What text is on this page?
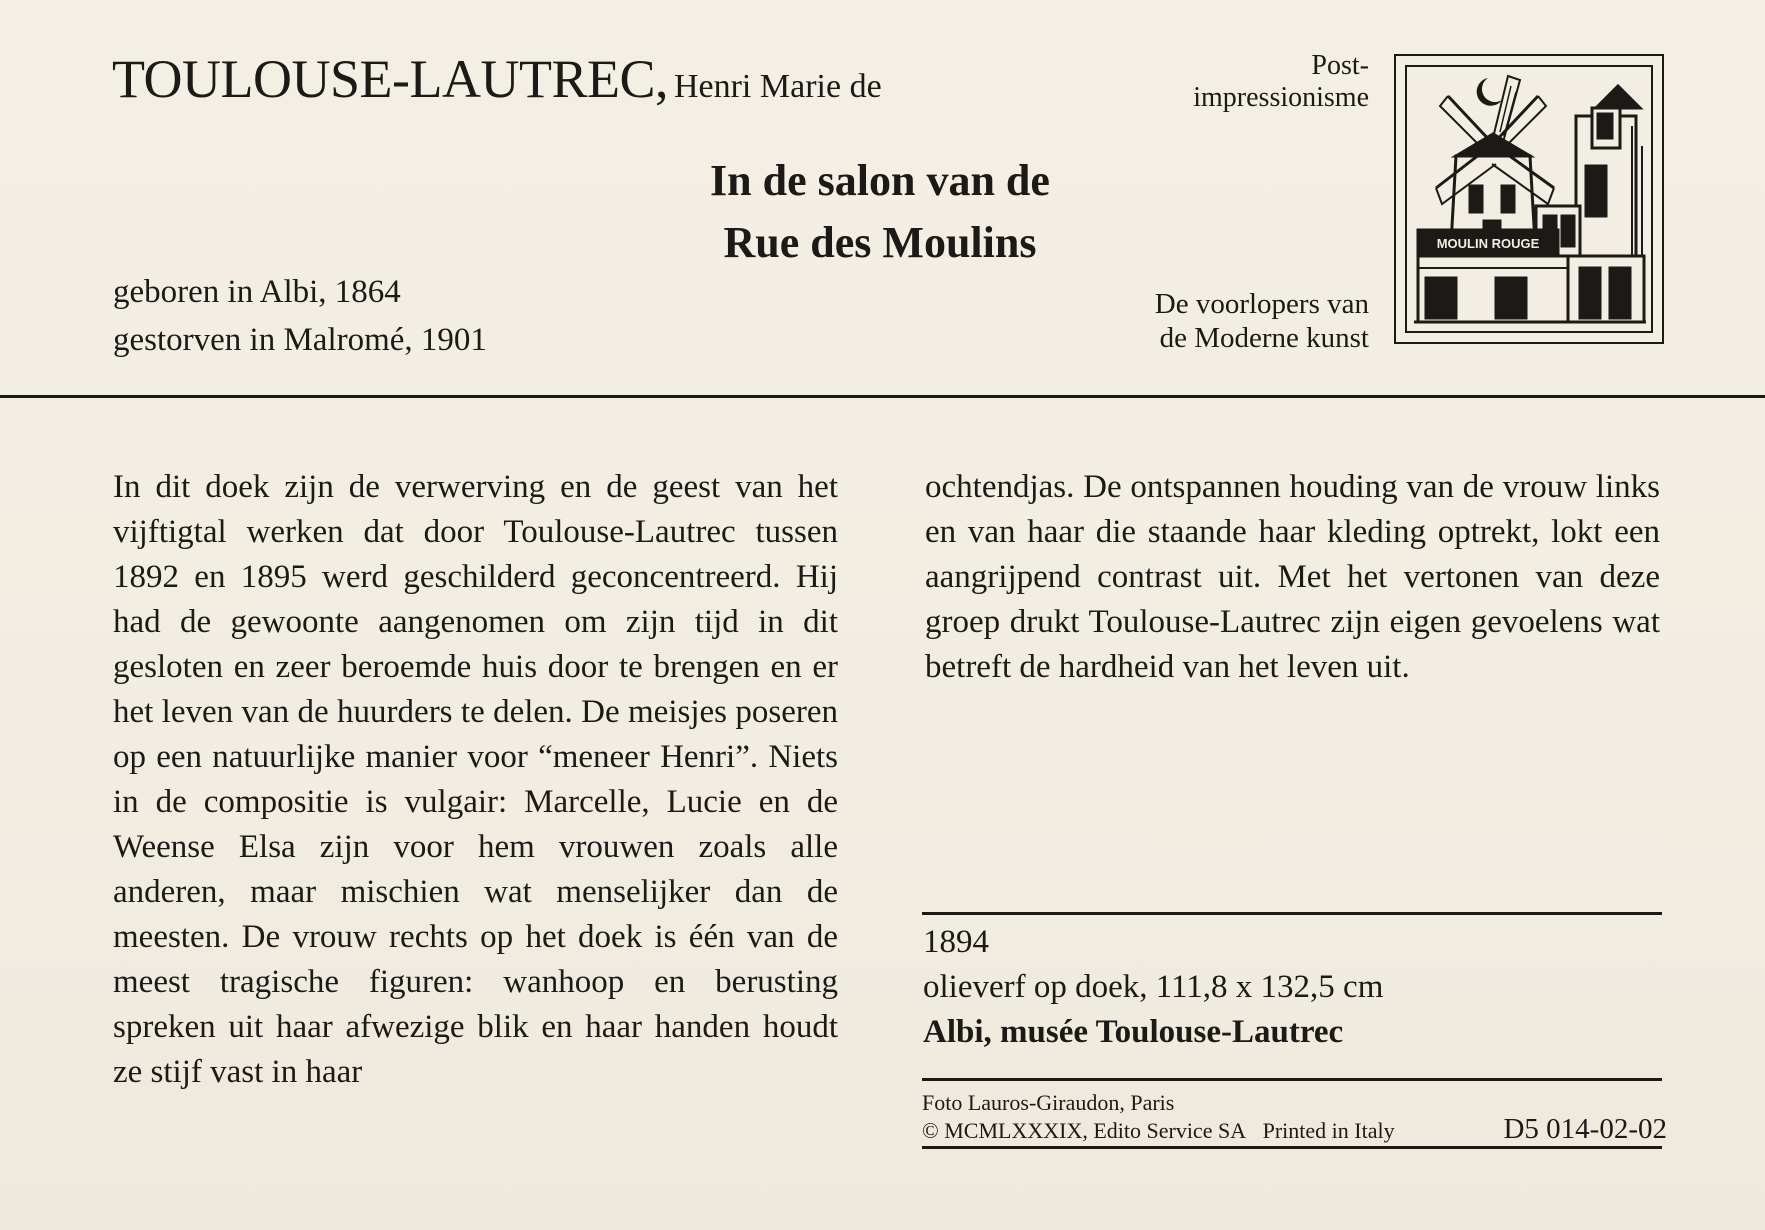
TOULOUSE-LAUTREC, Henri Marie de
geboren in Albi, 1864
gestorven in Malromé, 1901
Post-
impressionisme
In de salon van de
Rue des Moulins
De voorlopers van
de Moderne kunst
MOULIN ROUGE

In dit doek zijn de verwerving en de geest van het vijftigtal werken dat door Toulouse-Lautrec tussen 1892 en 1895 werd geschilderd geconcentreerd. Hij had de gewoonte aangenomen om zijn tijd in dit gesloten en zeer beroemde huis door te brengen en er het leven van de huurders te delen. De meisjes poseren op een natuurlijke manier voor “meneer Henri”. Niets in de compositie is vulgair: Marcelle, Lucie en de Weense Elsa zijn voor hem vrouwen zoals alle anderen, maar mischien wat menselijker dan de meesten. De vrouw rechts op het doek is één van de meest tragische figuren: wanhoop en berusting spreken uit haar afwezige blik en haar handen houdt ze stijf vast in haar

ochtendjas. De ontspannen houding van de vrouw links en van haar die staande haar kleding optrekt, lokt een aangrijpend contrast uit. Met het vertonen van deze groep drukt Toulouse-Lautrec zijn eigen gevoelens wat betreft de hardheid van het leven uit.

1894
olieverf op doek, 111,8 x 132,5 cm
Albi, musée Toulouse-Lautrec
Foto Lauros-Giraudon, Paris
© MCMLXXXIX, Edito Service SA Printed in Italy	D5 014-02-02
